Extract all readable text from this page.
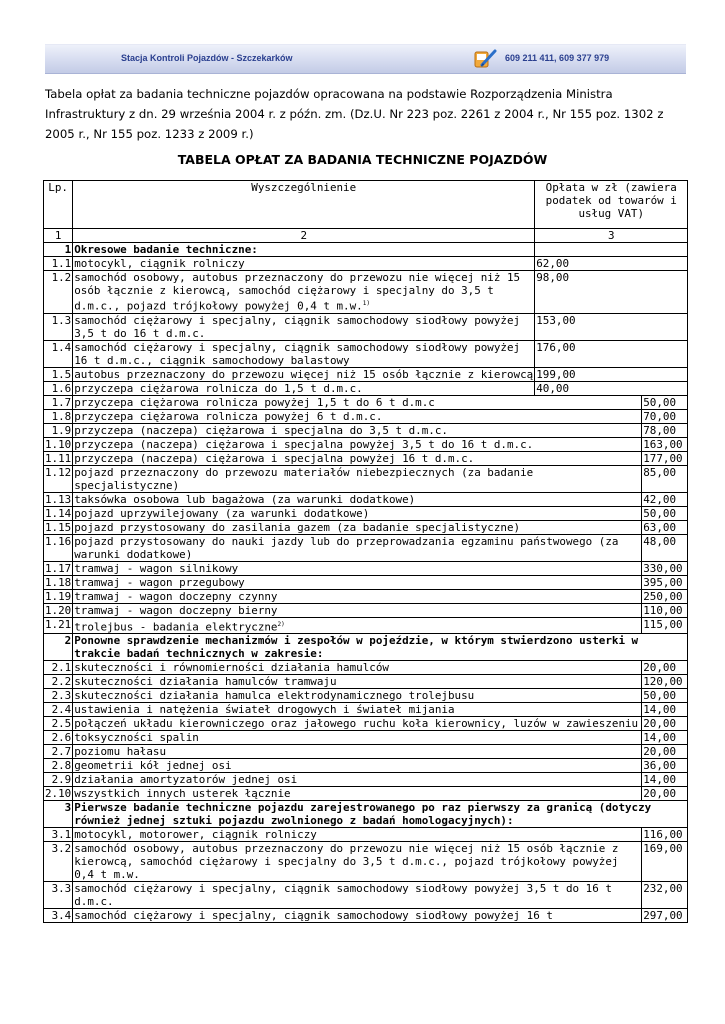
Stacja Kontroli Pojazdów - Szczekarków	609 211 411, 609 377 979
Tabela opłat za badania techniczne pojazdów opracowana na podstawie Rozporządzenia Ministra Infrastruktury z dn. 29 września 2004 r. z późn. zm. (Dz.U. Nr 223 poz. 2261 z 2004 r., Nr 155 poz. 1302 z 2005 r., Nr 155 poz. 1233 z 2009 r.)
TABELA OPŁAT ZA BADANIA TECHNICZNE POJAZDÓW
Lp.	Wyszczególnienie	Opłata w zł (zawiera podatek od towarów i usług VAT)	
1	2	3	
1	Okresowe badanie techniczne:		
1.1	motocykl, ciągnik rolniczy	62,00	
1.2	samochód osobowy, autobus przeznaczony do przewozu nie więcej niż 15 osób łącznie z kierowcą, samochód ciężarowy i specjalny do 3,5 t d.m.c., pojazd trójkołowy powyżej 0,4 t m.w.$^{1)}$	98,00	
1.3	samochód ciężarowy i specjalny, ciągnik samochodowy siodłowy powyżej 3,5 t do 16 t d.m.c.	153,00	
1.4	samochód ciężarowy i specjalny, ciągnik samochodowy siodłowy powyżej 16 t d.m.c., ciągnik samochodowy balastowy	176,00	
1.5	autobus przeznaczony do przewozu więcej niż 15 osób łącznie z kierowcą	199,00	
1.6	przyczepa ciężarowa rolnicza do 1,5 t d.m.c.	40,00	
1.7	przyczepa ciężarowa rolnicza powyżej 1,5 t do 6 t d.m.c		50,00
1.8	przyczepa ciężarowa rolnicza powyżej 6 t d.m.c.		70,00
1.9	przyczepa (naczepa) ciężarowa i specjalna do 3,5 t d.m.c.		78,00
1.10	przyczepa (naczepa) ciężarowa i specjalna powyżej 3,5 t do 16 t d.m.c.		163,00
1.11	przyczepa (naczepa) ciężarowa i specjalna powyżej 16 t d.m.c.		177,00
1.12	pojazd przeznaczony do przewozu materiałów niebezpiecznych (za badanie specjalistyczne)		85,00
1.13	taksówka osobowa lub bagażowa (za warunki dodatkowe)		42,00
1.14	pojazd uprzywilejowany (za warunki dodatkowe)		50,00
1.15	pojazd przystosowany do zasilania gazem (za badanie specjalistyczne)		63,00
1.16	pojazd przystosowany do nauki jazdy lub do przeprowadzania egzaminu państwowego (za warunki dodatkowe)		48,00
1.17	tramwaj - wagon silnikowy		330,00
1.18	tramwaj - wagon przegubowy		395,00
1.19	tramwaj - wagon doczepny czynny		250,00
1.20	tramwaj - wagon doczepny bierny		110,00
1.21	trolejbus - badania elektryczne$^{2)}$		115,00
2	Ponowne sprawdzenie mechanizmów i zespołów w pojeździe, w którym stwierdzono usterki w trakcie badań technicznych w zakresie:		
2.1	skuteczności i równomierności działania hamulców		20,00
2.2	skuteczności działania hamulców tramwaju		120,00
2.3	skuteczności działania hamulca elektrodynamicznego trolejbusu		50,00
2.4	ustawienia i natężenia świateł drogowych i świateł mijania		14,00
2.5	połączeń układu kierowniczego oraz jałowego ruchu koła kierownicy, luzów w zawieszeniu		20,00
2.6	toksyczności spalin		14,00
2.7	poziomu hałasu		20,00
2.8	geometrii kół jednej osi		36,00
2.9	działania amortyzatorów jednej osi		14,00
2.10	wszystkich innych usterek łącznie		20,00
3	Pierwsze badanie techniczne pojazdu zarejestrowanego po raz pierwszy za granicą (dotyczy również jednej sztuki pojazdu zwolnionego z badań homologacyjnych):		
3.1	motocykl, motorower, ciągnik rolniczy		116,00
3.2	samochód osobowy, autobus przeznaczony do przewozu nie więcej niż 15 osób łącznie z kierowcą, samochód ciężarowy i specjalny do 3,5 t d.m.c., pojazd trójkołowy powyżej 0,4 t m.w.		169,00
3.3	samochód ciężarowy i specjalny, ciągnik samochodowy siodłowy powyżej 3,5 t do 16 t d.m.c.		232,00
3.4	samochód ciężarowy i specjalny, ciągnik samochodowy siodłowy powyżej 16 t		297,00
